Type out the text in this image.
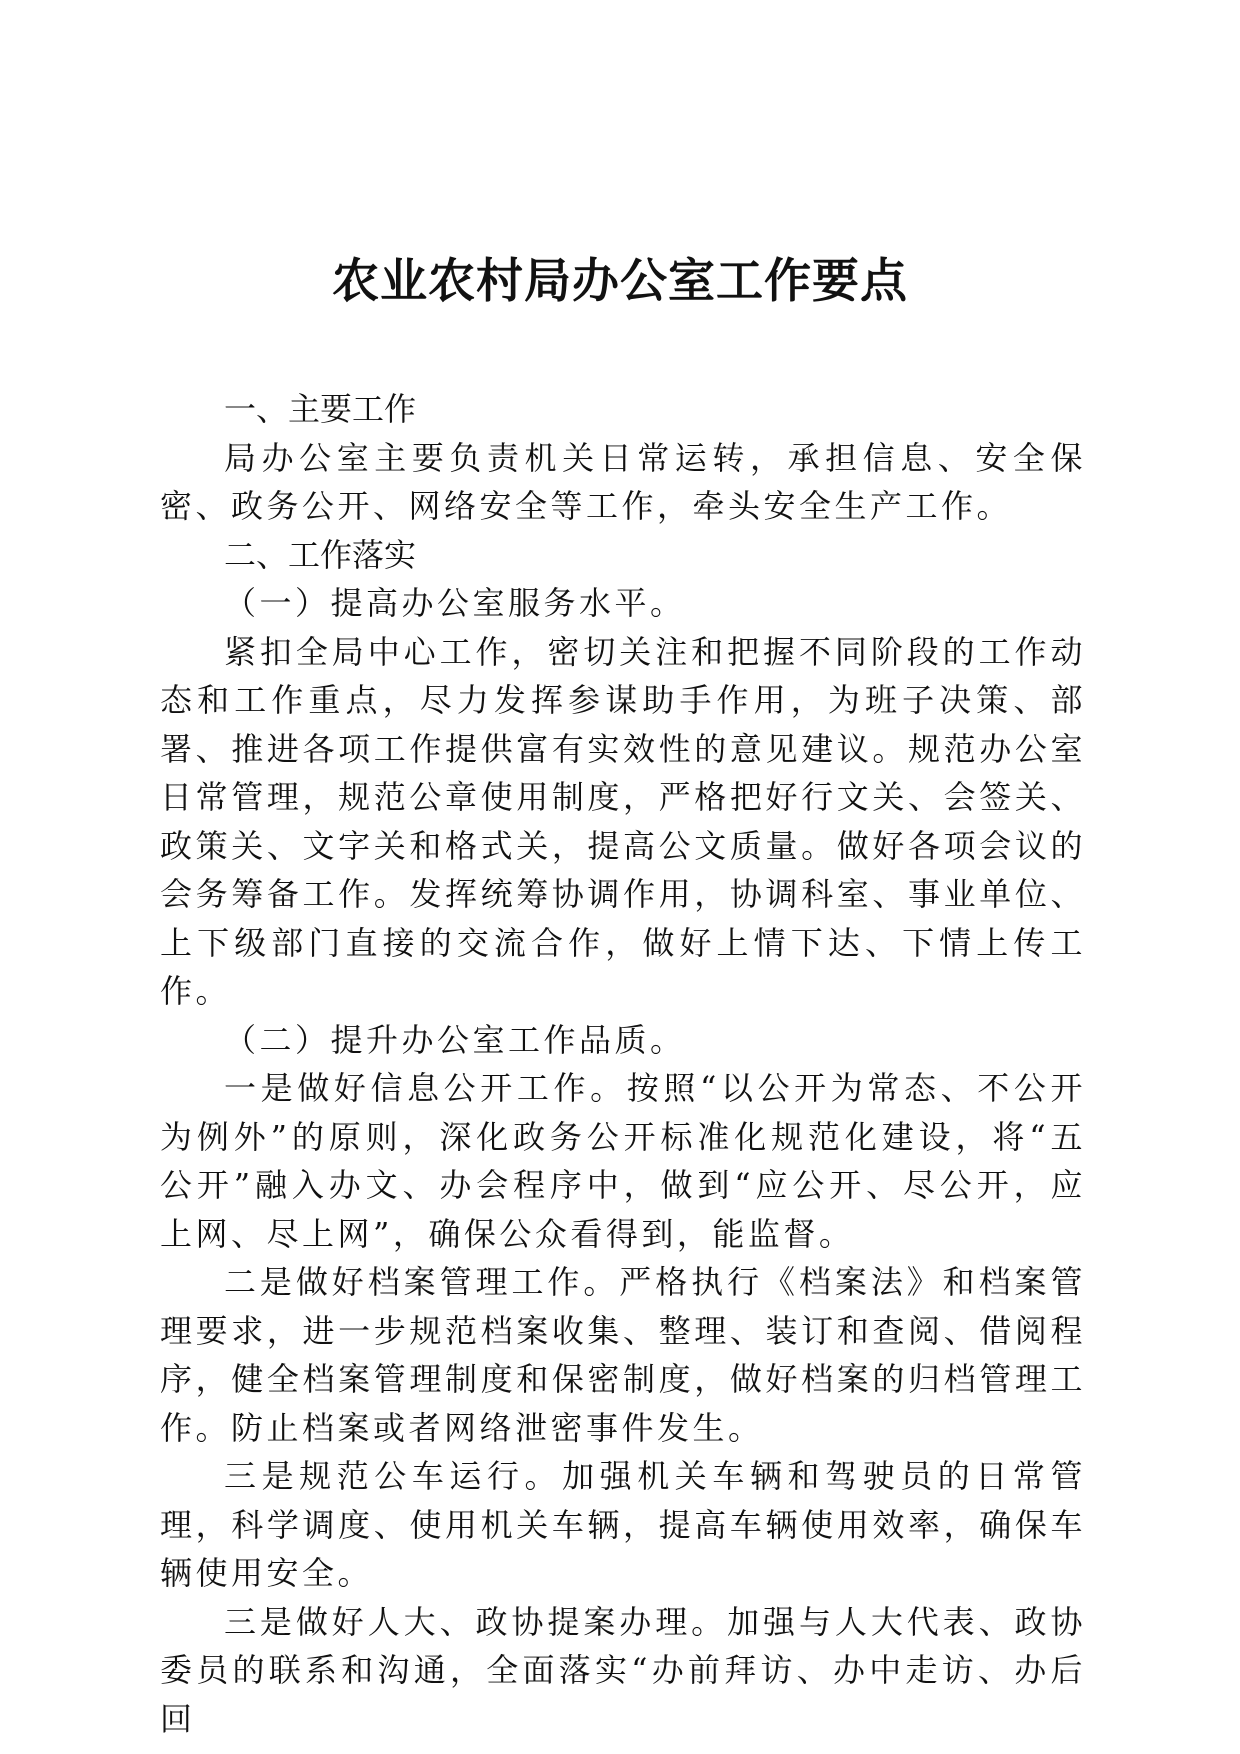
农业农村局办公室工作要点

一、主要工作

局办公室主要负责机关日常运转，承担信息、安全保密、政务公开、网络安全等工作，牵头安全生产工作。

二、工作落实

（一）提高办公室服务水平。

紧扣全局中心工作，密切关注和把握不同阶段的工作动态和工作重点，尽力发挥参谋助手作用，为班子决策、部署、推进各项工作提供富有实效性的意见建议。规范办公室日常管理，规范公章使用制度，严格把好行文关、会签关、政策关、文字关和格式关，提高公文质量。做好各项会议的会务筹备工作。发挥统筹协调作用，协调科室、事业单位、上下级部门直接的交流合作，做好上情下达、下情上传工作。

（二）提升办公室工作品质。

一是做好信息公开工作。按照“以公开为常态、不公开为例外”的原则，深化政务公开标准化规范化建设，将“五公开”融入办文、办会程序中，做到“应公开、尽公开，应上网、尽上网”，确保公众看得到，能监督。

二是做好档案管理工作。严格执行《档案法》和档案管理要求，进一步规范档案收集、整理、装订和查阅、借阅程序，健全档案管理制度和保密制度，做好档案的归档管理工作。防止档案或者网络泄密事件发生。

三是规范公车运行。加强机关车辆和驾驶员的日常管理，科学调度、使用机关车辆，提高车辆使用效率，确保车辆使用安全。

三是做好人大、政协提案办理。加强与人大代表、政协委员的联系和沟通，全面落实“办前拜访、办中走访、办后回
